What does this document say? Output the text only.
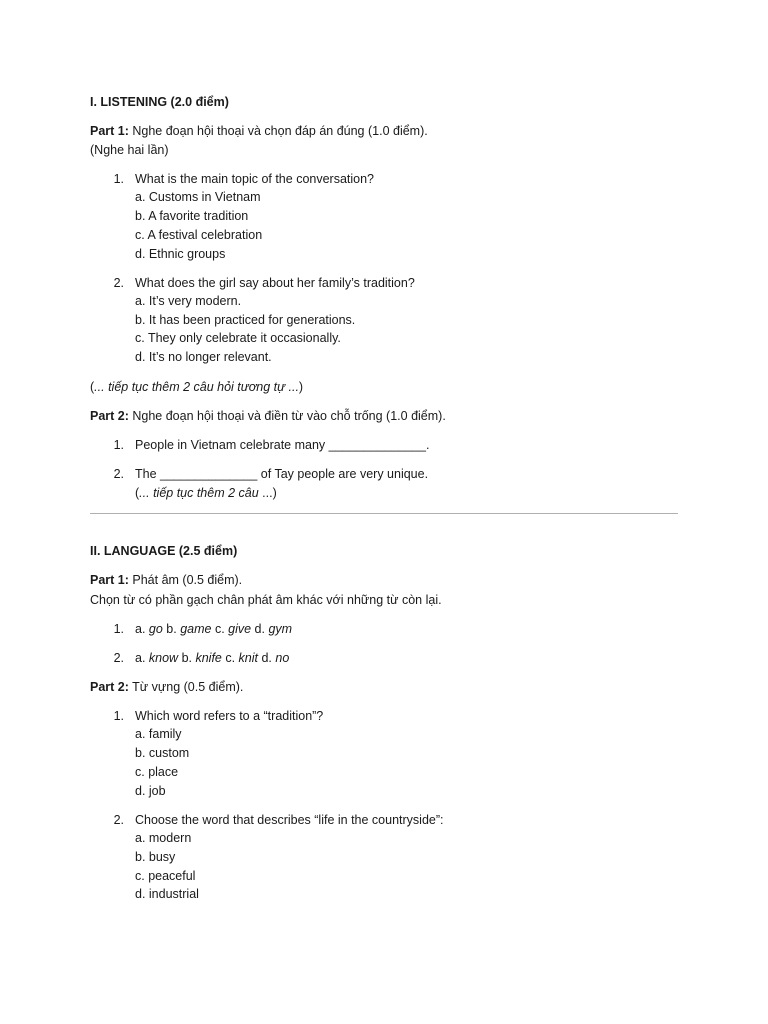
I. LISTENING (2.0 điểm)
Part 1: Nghe đoạn hội thoại và chọn đáp án đúng (1.0 điểm).
(Nghe hai lần)
1. What is the main topic of the conversation?
a. Customs in Vietnam
b. A favorite tradition
c. A festival celebration
d. Ethnic groups
2. What does the girl say about her family’s tradition?
a. It’s very modern.
b. It has been practiced for generations.
c. They only celebrate it occasionally.
d. It’s no longer relevant.
(... tiếp tục thêm 2 câu hỏi tương tự ...)
Part 2: Nghe đoạn hội thoại và điền từ vào chỗ trống (1.0 điểm).
1. People in Vietnam celebrate many ______________.
2. The ______________ of Tay people are very unique.
(... tiếp tục thêm 2 câu ...)
II. LANGUAGE (2.5 điểm)
Part 1: Phát âm (0.5 điểm).
Chọn từ có phần gạch chân phát âm khác với những từ còn lại.
1. a. go b. game c. give d. gym
2. a. know b. knife c. knit d. no
Part 2: Từ vựng (0.5 điểm).
1. Which word refers to a “tradition”?
a. family
b. custom
c. place
d. job
2. Choose the word that describes “life in the countryside”:
a. modern
b. busy
c. peaceful
d. industrial
